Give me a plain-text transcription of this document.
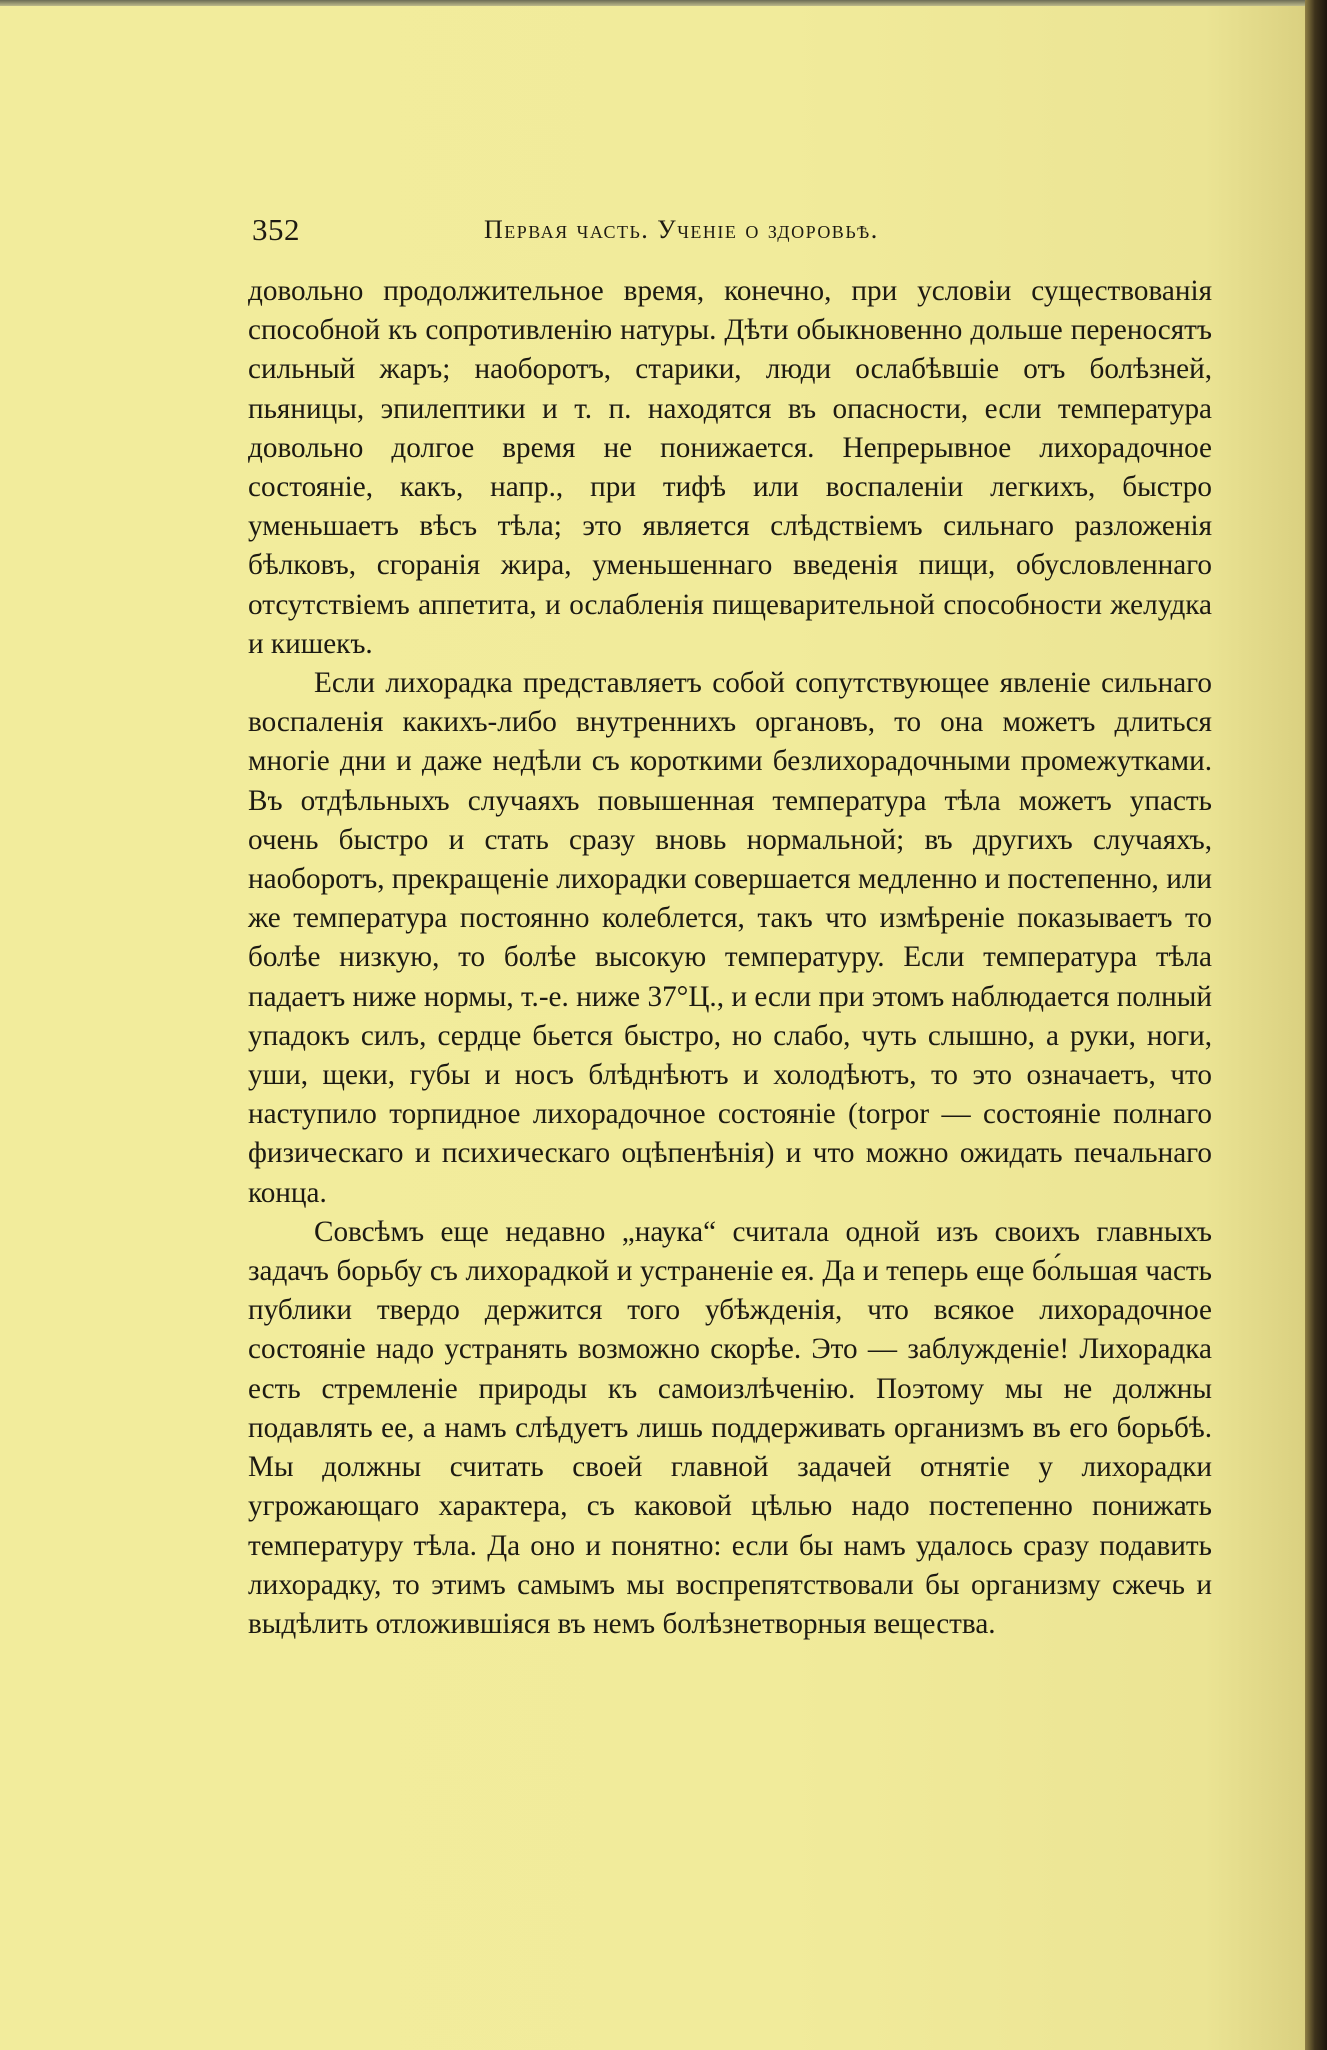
352	Первая часть. Ученіе о здоровьѣ.

довольно продолжительное время, конечно, при условіи существованія способной къ сопротивленію натуры. Дѣти обыкновенно дольше переносятъ сильный жаръ; наоборотъ, старики, люди ослабѣвшіе отъ болѣзней, пьяницы, эпилептики и т. п. находятся въ опасности, если температура довольно долгое время не понижается. Непрерывное лихорадочное состояніе, какъ, напр., при тифѣ или воспаленіи легкихъ, быстро уменьшаетъ вѣсъ тѣла; это является слѣдствіемъ сильнаго разложенія бѣлковъ, сгоранія жира, уменьшеннаго введенія пищи, обусловленнаго отсутствіемъ аппетита, и ослабленія пищеварительной способности желудка и кишекъ.

Если лихорадка представляетъ собой сопутствующее явленіе сильнаго воспаленія какихъ-либо внутреннихъ органовъ, то она можетъ длиться многіе дни и даже недѣли съ короткими безлихорадочными промежутками. Въ отдѣльныхъ случаяхъ повышенная температура тѣла можетъ упасть очень быстро и стать сразу вновь нормальной; въ другихъ случаяхъ, наоборотъ, прекращеніе лихорадки совершается медленно и постепенно, или же температура постоянно колеблется, такъ что измѣреніе показываетъ то болѣе низкую, то болѣе высокую температуру. Если температура тѣла падаетъ ниже нормы, т.-е. ниже 37°Ц., и если при этомъ наблюдается полный упадокъ силъ, сердце бьется быстро, но слабо, чуть слышно, а руки, ноги, уши, щеки, губы и носъ блѣднѣютъ и холодѣютъ, то это означаетъ, что наступило торпидное лихорадочное состояніе (torpor — состояніе полнаго физическаго и психическаго оцѣпенѣнія) и что можно ожидать печальнаго конца.

Совсѣмъ еще недавно „наука“ считала одной изъ своихъ главныхъ задачъ борьбу съ лихорадкой и устраненіе ея. Да и теперь еще бо́льшая часть публики твердо держится того убѣжденія, что всякое лихорадочное состояніе надо устранять возможно скорѣе. Это — заблужденіе! Лихорадка есть стремленіе природы къ самоизлѣченію. Поэтому мы не должны подавлять ее, а намъ слѣдуетъ лишь поддерживать организмъ въ его борьбѣ. Мы должны считать своей главной задачей отнятіе у лихорадки угрожающаго характера, съ каковой цѣлью надо постепенно понижать температуру тѣла. Да оно и понятно: если бы намъ удалось сразу подавить лихорадку, то этимъ самымъ мы воспрепятствовали бы организму сжечь и выдѣлить отложившіяся въ немъ болѣзнетворныя вещества.
